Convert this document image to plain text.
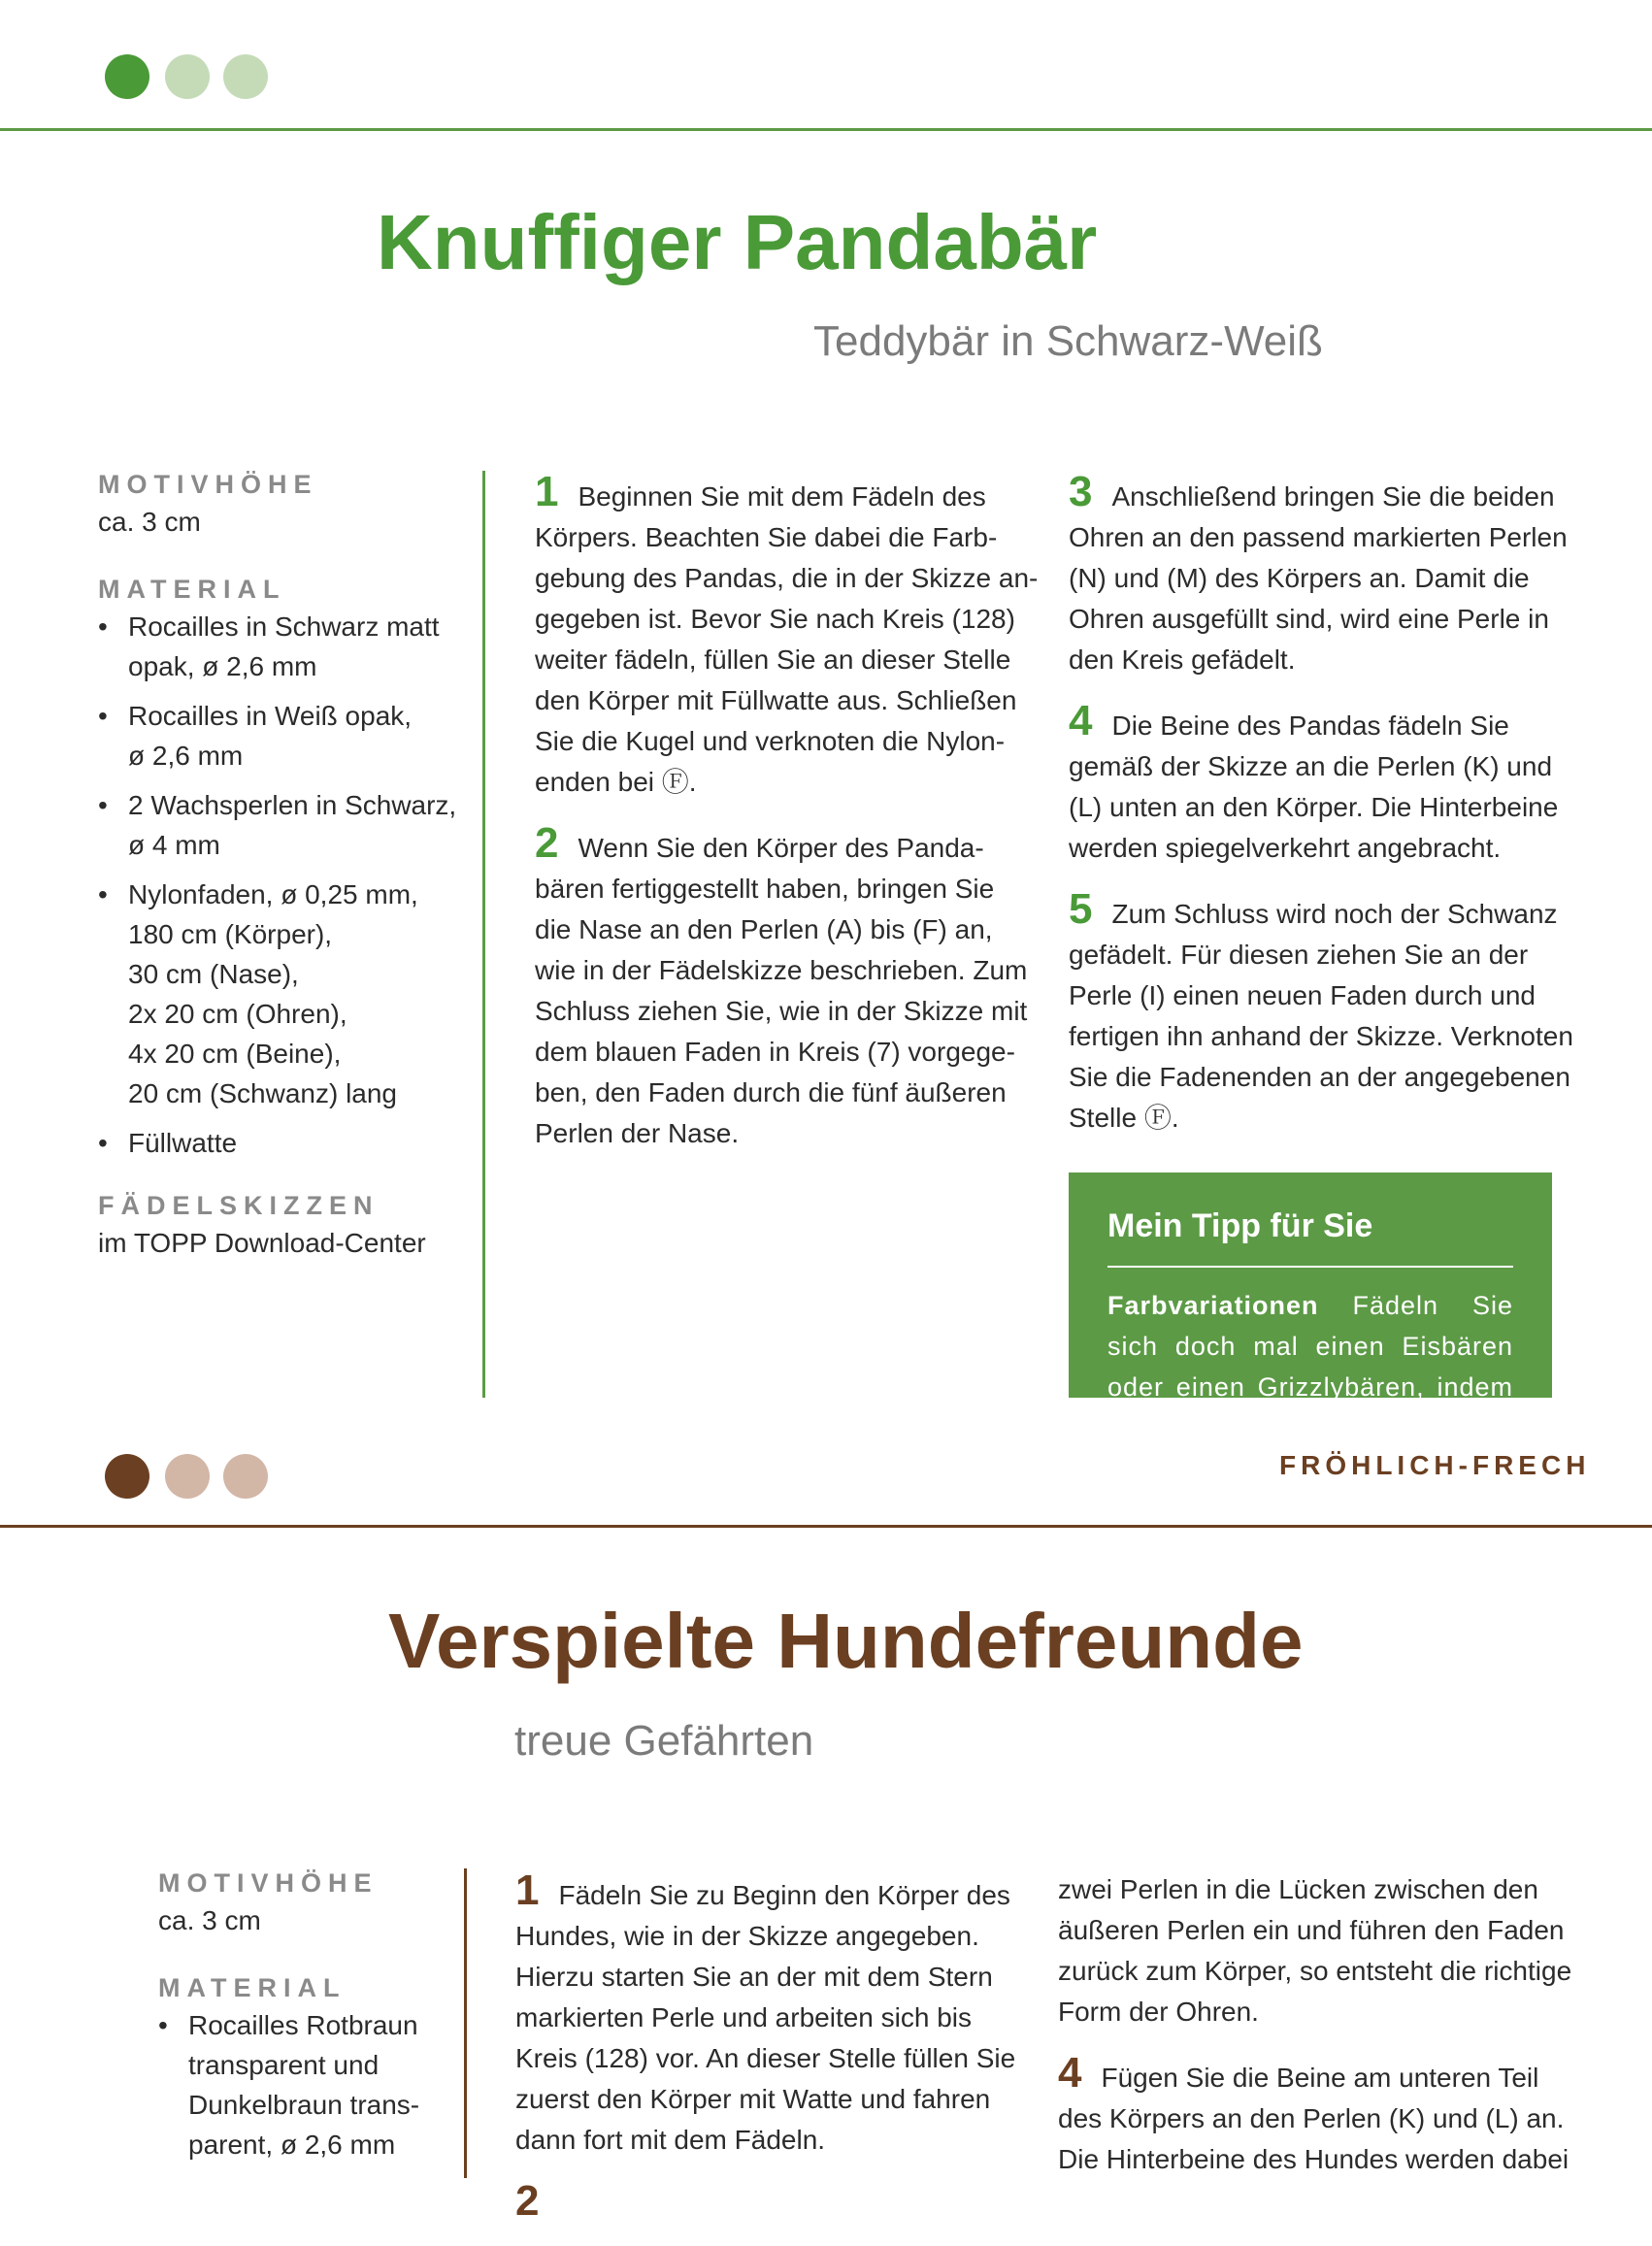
Knuffiger Pandabär
Teddybär in Schwarz-Weiß

MOTIVHÖHE

ca. 3 cm

MATERIAL

• Rocailles in Schwarz matt
opak, ø 2,6 mm
• Rocailles in Weiß opak,
ø 2,6 mm
• 2 Wachsperlen in Schwarz,
ø 4 mm
• Nylonfaden, ø 0,25 mm,
180 cm (Körper),
30 cm (Nase),
2x 20 cm (Ohren),
4x 20 cm (Beine),
20 cm (Schwanz) lang
• Füllwatte

FÄDELSKIZZEN

im TOPP Download-Center

1 Beginnen Sie mit dem Fädeln des
Körpers. Beachten Sie dabei die Farb-
gebung des Pandas, die in der Skizze an-
gegeben ist. Bevor Sie nach Kreis (128)
weiter fädeln, füllen Sie an dieser Stelle
den Körper mit Füllwatte aus. Schließen
Sie die Kugel und verknoten die Nylon-
enden bei Ⓕ.

2 Wenn Sie den Körper des Panda-
bären fertiggestellt haben, bringen Sie
die Nase an den Perlen (A) bis (F) an,
wie in der Fädelskizze beschrieben. Zum
Schluss ziehen Sie, wie in der Skizze mit
dem blauen Faden in Kreis (7) vorgege-
ben, den Faden durch die fünf äußeren
Perlen der Nase.

3 Anschließend bringen Sie die beiden
Ohren an den passend markierten Perlen
(N) und (M) des Körpers an. Damit die
Ohren ausgefüllt sind, wird eine Perle in
den Kreis gefädelt.

4 Die Beine des Pandas fädeln Sie
gemäß der Skizze an die Perlen (K) und
(L) unten an den Körper. Die Hinterbeine
werden spiegelverkehrt angebracht.

5 Zum Schluss wird noch der Schwanz
gefädelt. Für diesen ziehen Sie an der
Perle (I) einen neuen Faden durch und
fertigen ihn anhand der Skizze. Verknoten
Sie die Fadenenden an der angegebenen
Stelle Ⓕ.

Mein Tipp für Sie
Farbvariationen Fädeln Sie sich doch mal einen Eisbären oder einen Grizzlybären, indem Sie
FRÖHLICH-FRECH
Verspielte Hundefreunde
treue Gefährten

MOTIVHÖHE

ca. 3 cm

MATERIAL

• Rocailles Rotbraun
transparent und
Dunkelbraun trans-
parent, ø 2,6 mm

1 Fädeln Sie zu Beginn den Körper des
Hundes, wie in der Skizze angegeben.
Hierzu starten Sie an der mit dem Stern
markierten Perle und arbeiten sich bis
Kreis (128) vor. An dieser Stelle füllen Sie
zuerst den Körper mit Watte und fahren
dann fort mit dem Fädeln.

2

zwei Perlen in die Lücken zwischen den
äußeren Perlen ein und führen den Faden
zurück zum Körper, so entsteht die richtige
Form der Ohren.

4 Fügen Sie die Beine am unteren Teil
des Körpers an den Perlen (K) und (L) an.
Die Hinterbeine des Hundes werden dabei
